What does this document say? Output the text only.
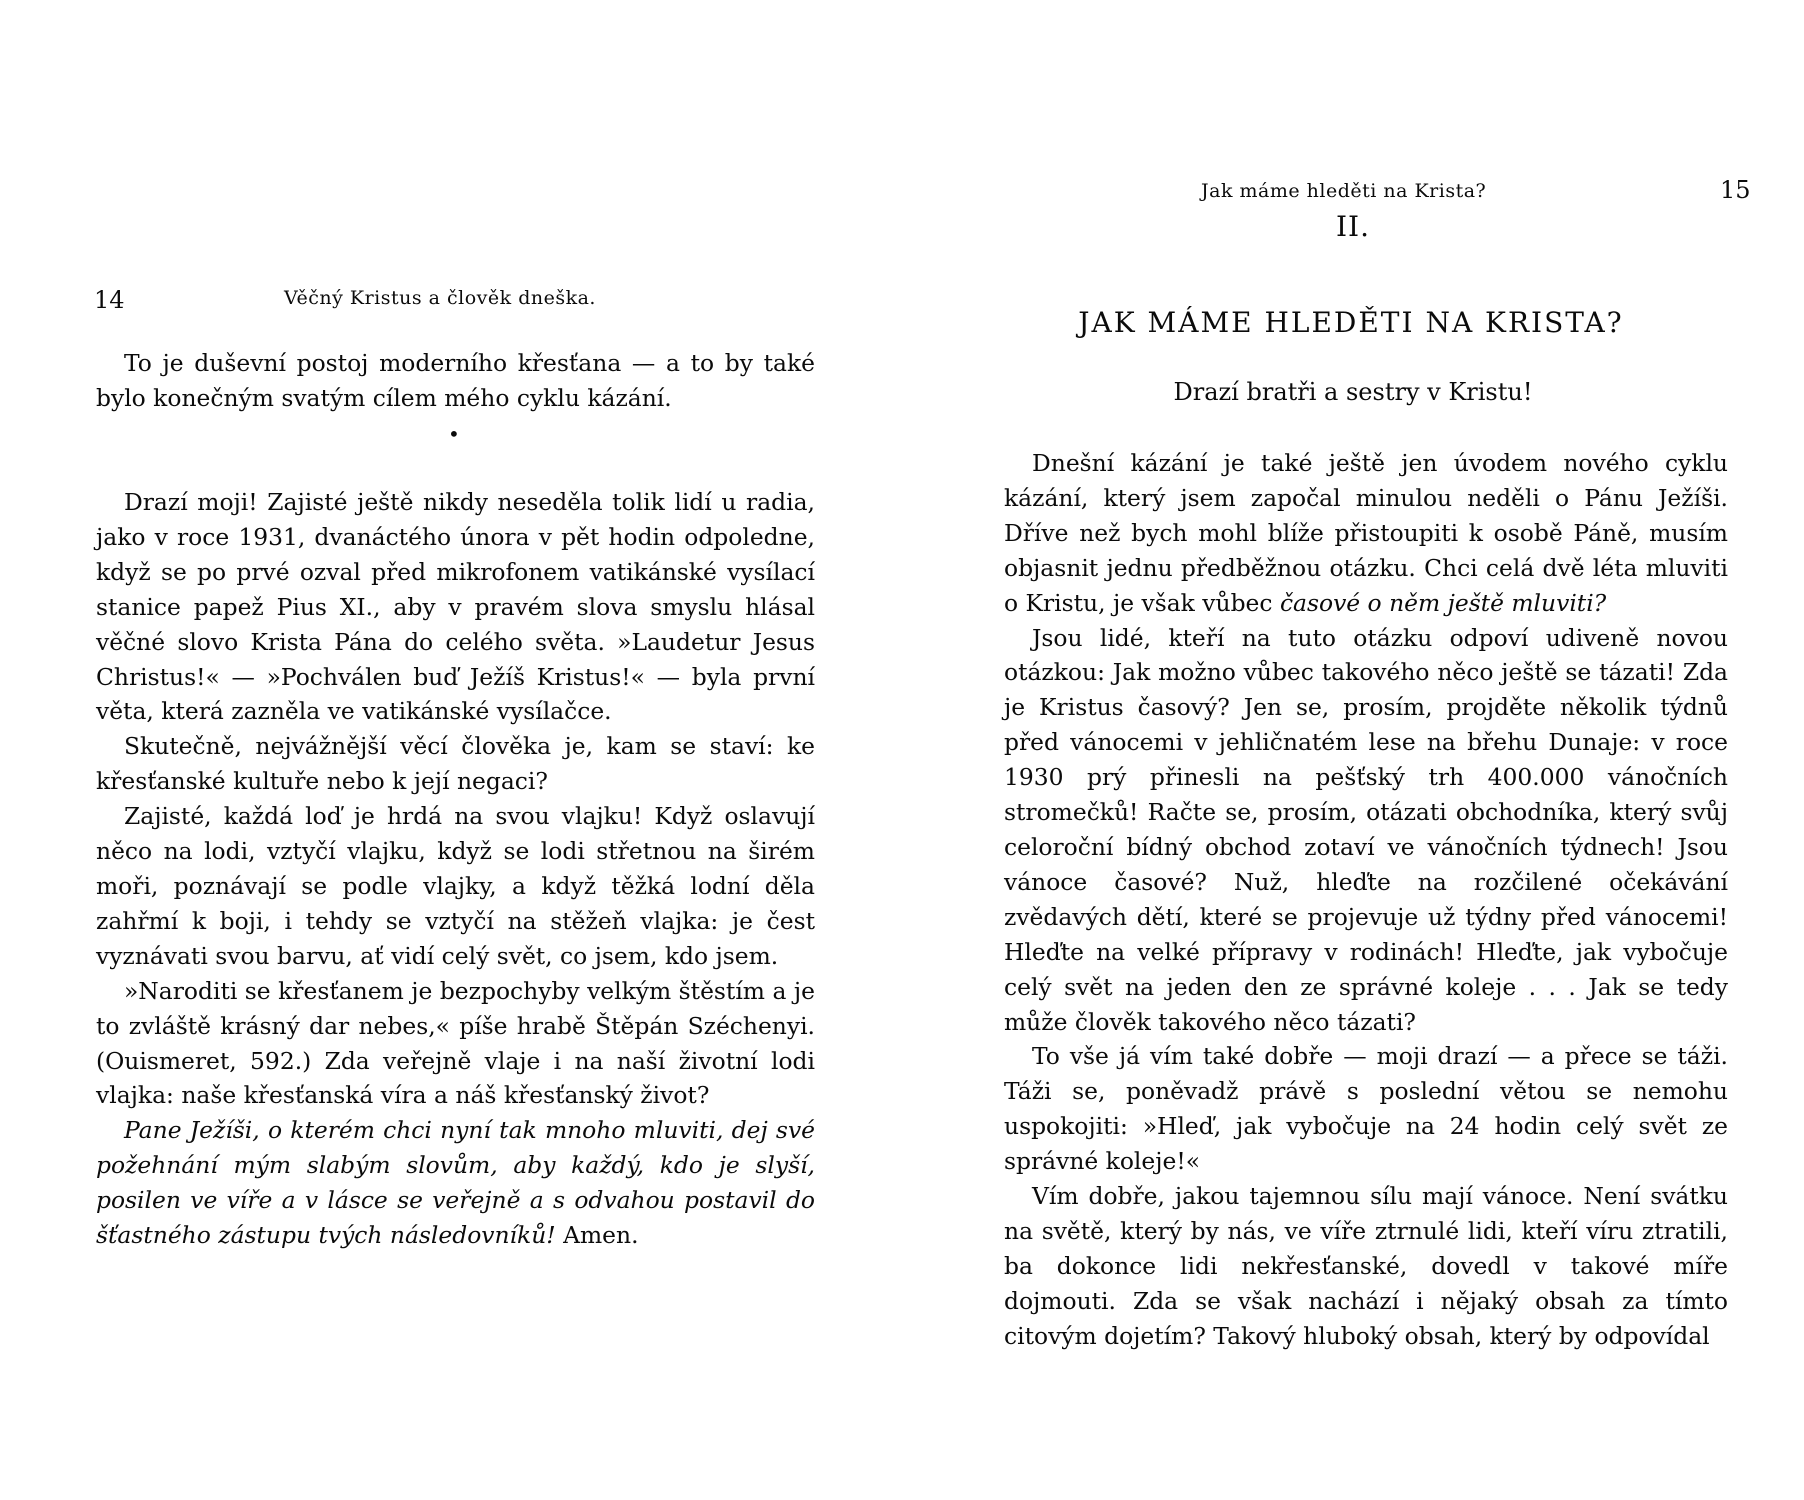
14	Věčný Kristus a člověk dneška.

To je duševní postoj moderního křesťana — a to by také bylo konečným svatým cílem mého cyklu kázání.

•

Drazí moji! Zajisté ještě nikdy neseděla tolik lidí u radia, jako v roce 1931, dvanáctého února v pět hodin odpoledne, když se po prvé ozval před mikrofonem vatikánské vysílací stanice papež Pius XI., aby v pravém slova smyslu hlásal věčné slovo Krista Pána do celého světa. »Laudetur Jesus Christus!« — »Pochválen buď Ježíš Kristus!« — byla první věta, která zazněla ve vatikánské vysílačce.

Skutečně, nejvážnější věcí člověka je, kam se staví: ke křesťanské kultuře nebo k její negaci?

Zajisté, každá loď je hrdá na svou vlajku! Když oslavují něco na lodi, vztyčí vlajku, když se lodi střetnou na širém moři, poznávají se podle vlajky, a když těžká lodní děla zahřmí k boji, i tehdy se vztyčí na stěžeň vlajka: je čest vyznávati svou barvu, ať vidí celý svět, co jsem, kdo jsem.

»Naroditi se křesťanem je bezpochyby velkým štěstím a je to zvláště krásný dar nebes,« píše hrabě Štěpán Széchenyi. (Ouismeret, 592.) Zda veřejně vlaje i na naší životní lodi vlajka: naše křesťanská víra a náš křesťanský život?

Pane Ježíši, o kterém chci nyní tak mnoho mluviti, dej své požehnání mým slabým slovům, aby každý, kdo je slyší, posilen ve víře a v lásce se veřejně a s odvahou postavil do šťastného zástupu tvých následovníků! Amen.

Jak máme hleděti na Krista?	15
II.
JAK MÁME HLEDĚTI NA KRISTA?
Drazí bratři a sestry v Kristu!

Dnešní kázání je také ještě jen úvodem nového cyklu kázání, který jsem započal minulou neděli o Pánu Ježíši. Dříve než bych mohl blíže přistoupiti k osobě Páně, musím objasnit jednu předběžnou otázku. Chci celá dvě léta mluviti o Kristu, je však vůbec časové o něm ještě mluviti?

Jsou lidé, kteří na tuto otázku odpoví udiveně novou otázkou: Jak možno vůbec takového něco ještě se tázati! Zda je Kristus časový? Jen se, prosím, projděte několik týdnů před vánocemi v jehličnatém lese na břehu Dunaje: v roce 1930 prý přinesli na pešťský trh 400.000 vánočních stromečků! Račte se, prosím, otázati obchodníka, který svůj celoroční bídný obchod zotaví ve vánočních týdnech! Jsou vánoce časové? Nuž, hleďte na rozčilené očekávání zvědavých dětí, které se projevuje už týdny před vánocemi! Hleďte na velké přípravy v rodinách! Hleďte, jak vybočuje celý svět na jeden den ze správné koleje . . . Jak se tedy může člověk takového něco tázati?

To vše já vím také dobře — moji drazí — a přece se táži. Táži se, poněvadž právě s poslední větou se nemohu uspokojiti: »Hleď, jak vybočuje na 24 hodin celý svět ze správné koleje!«

Vím dobře, jakou tajemnou sílu mají vánoce. Není svátku na světě, který by nás, ve víře ztrnulé lidi, kteří víru ztratili, ba dokonce lidi nekřesťanské, dovedl v takové míře dojmouti. Zda se však nachází i nějaký obsah za tímto citovým dojetím? Takový hluboký obsah, který by odpovídal
